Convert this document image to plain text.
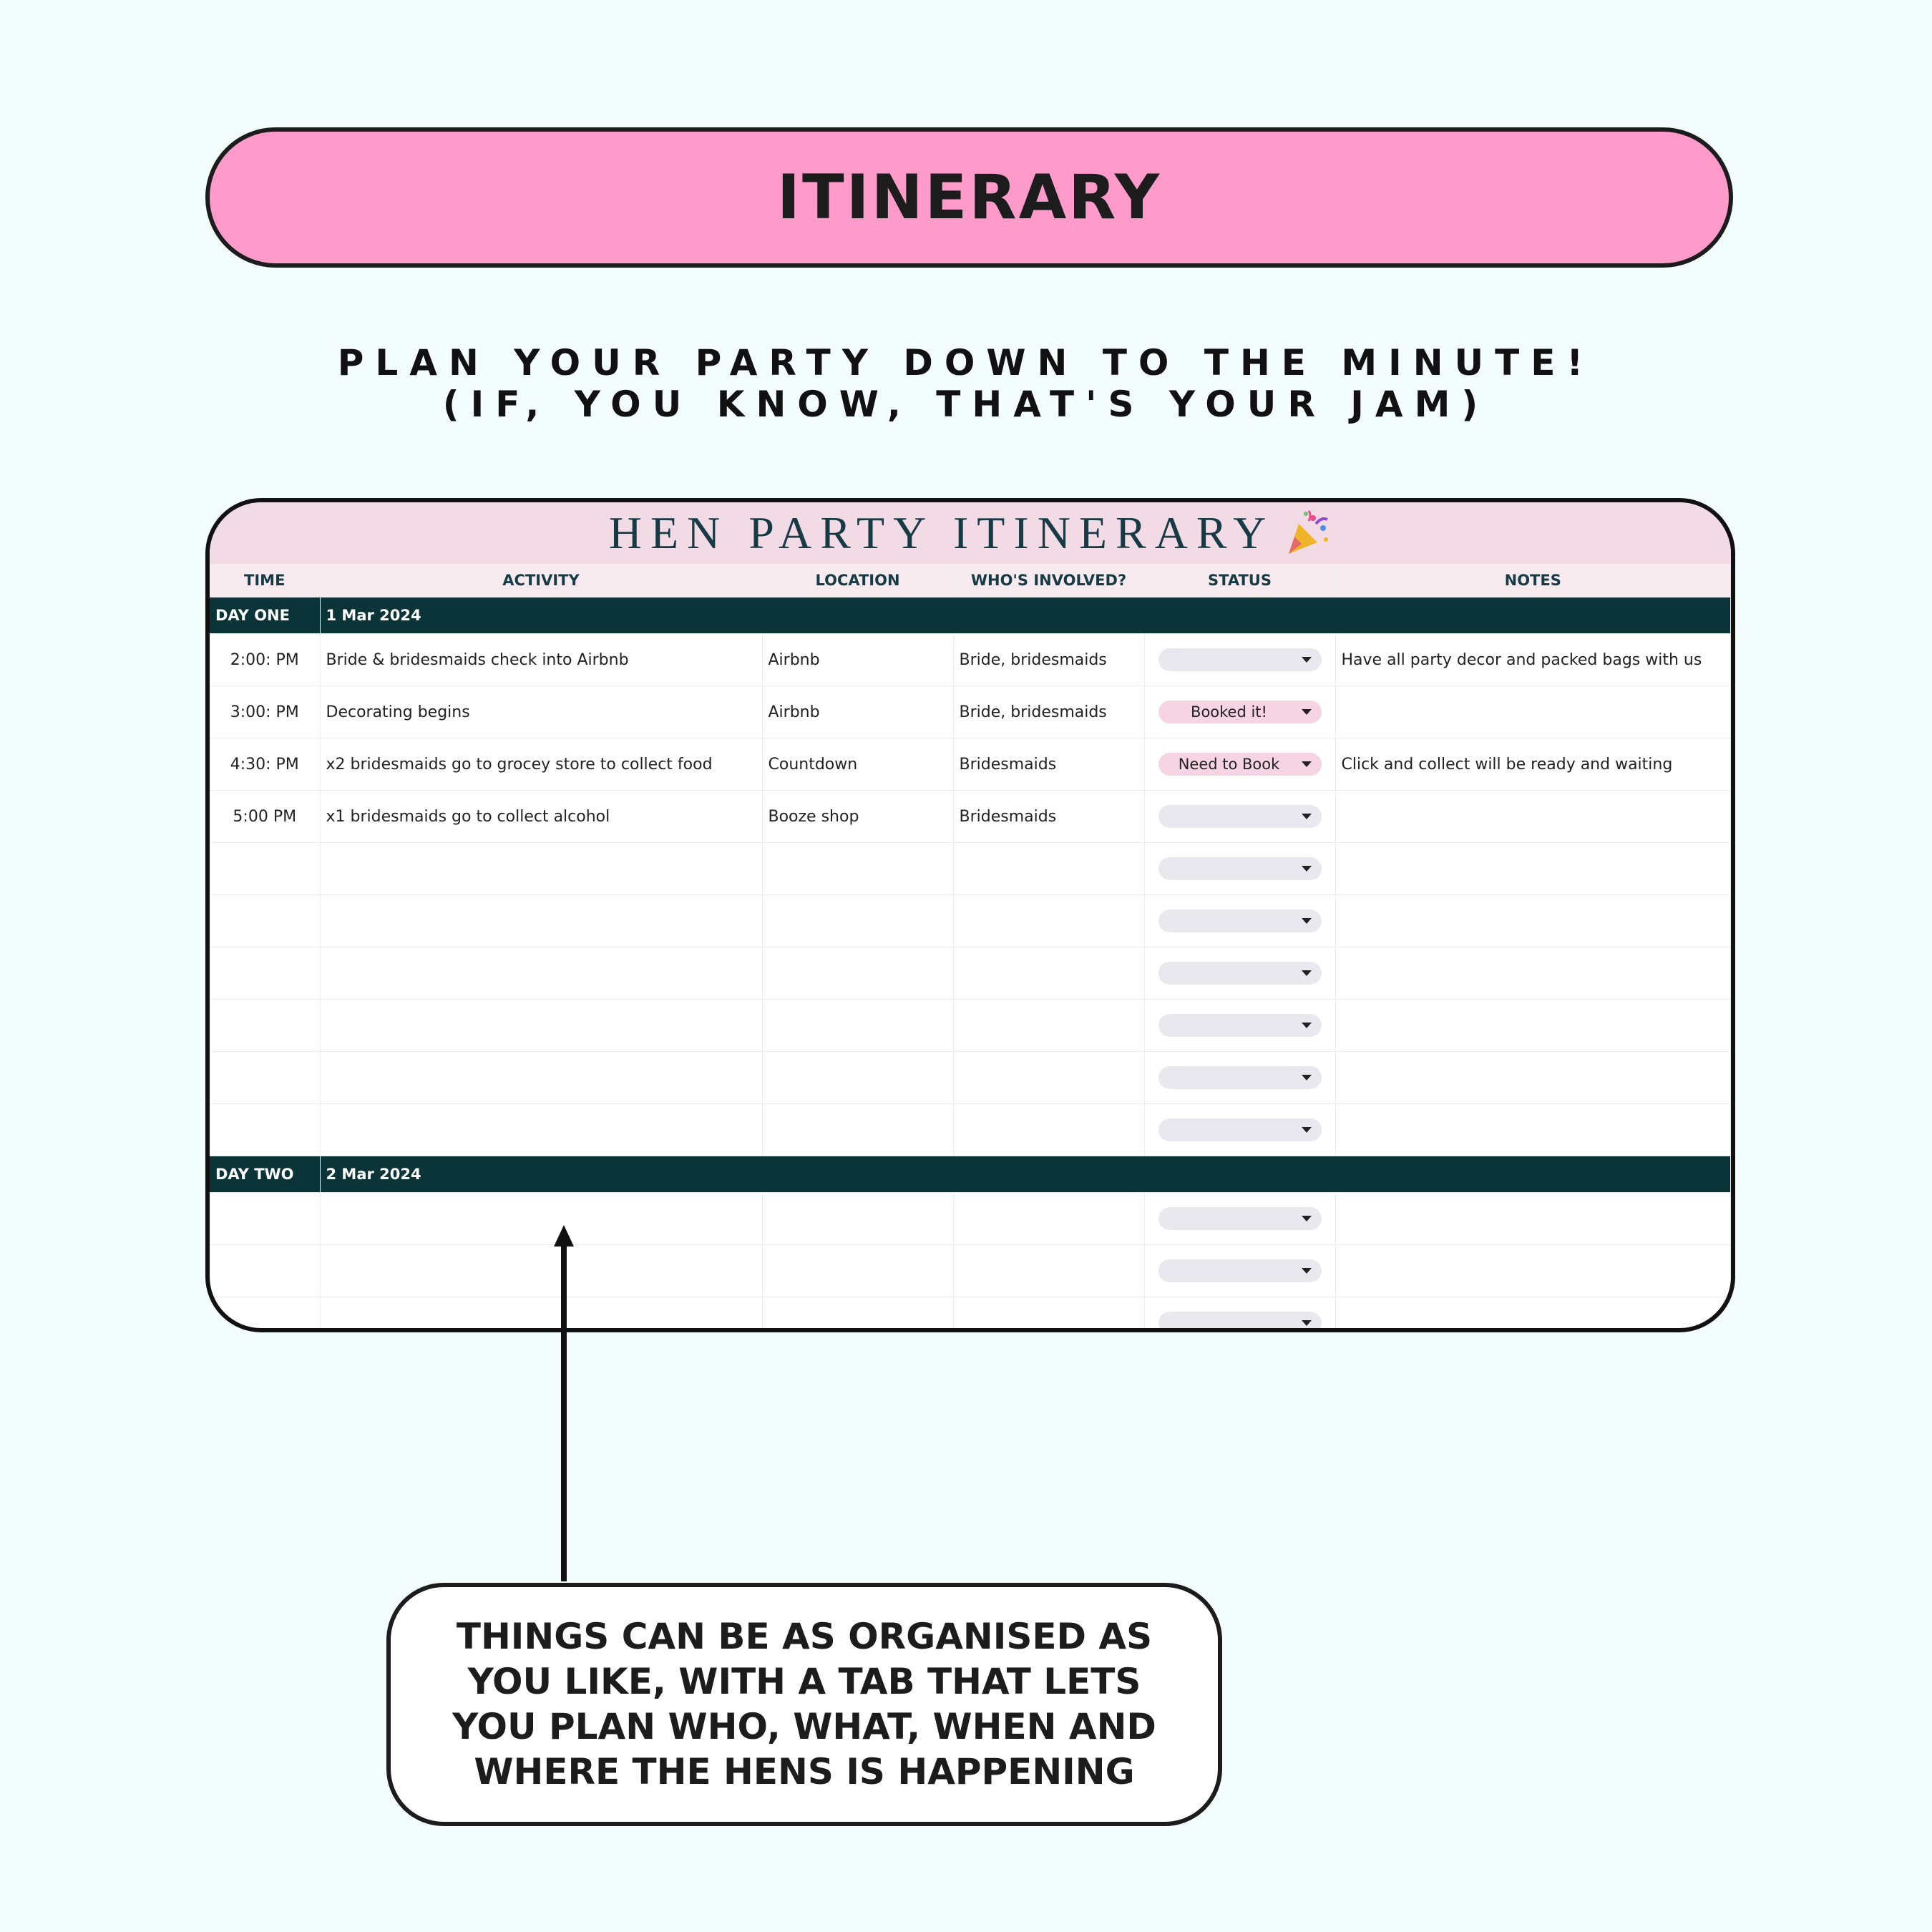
ITINERARY
PLAN YOUR PARTY DOWN TO THE MINUTE!
(IF, YOU KNOW, THAT'S YOUR JAM)
HEN PARTY ITINERARY
TIME	ACTIVITY	LOCATION	WHO'S INVOLVED?	STATUS	NOTES
DAY ONE	1 Mar 2024				
2:00: PM	Bride & bridesmaids check into Airbnb	Airbnb	Bride, bridesmaids		Have all party decor and packed bags with us
3:00: PM	Decorating begins	Airbnb	Bride, bridesmaids	Booked it!	

4:30: PM	x2 bridesmaids go to grocey store to collect food	Countdown	Bridesmaids	Need to Book	Click and collect will be ready and waiting
5:00 PM	x1 bridesmaids go to collect alcohol	Booze shop	Bridesmaids	

DAY TWO	2 Mar 2024				

THINGS CAN BE AS ORGANISED AS YOU LIKE, WITH A TAB THAT LETS YOU PLAN WHO, WHAT, WHEN AND WHERE THE HENS IS HAPPENING
